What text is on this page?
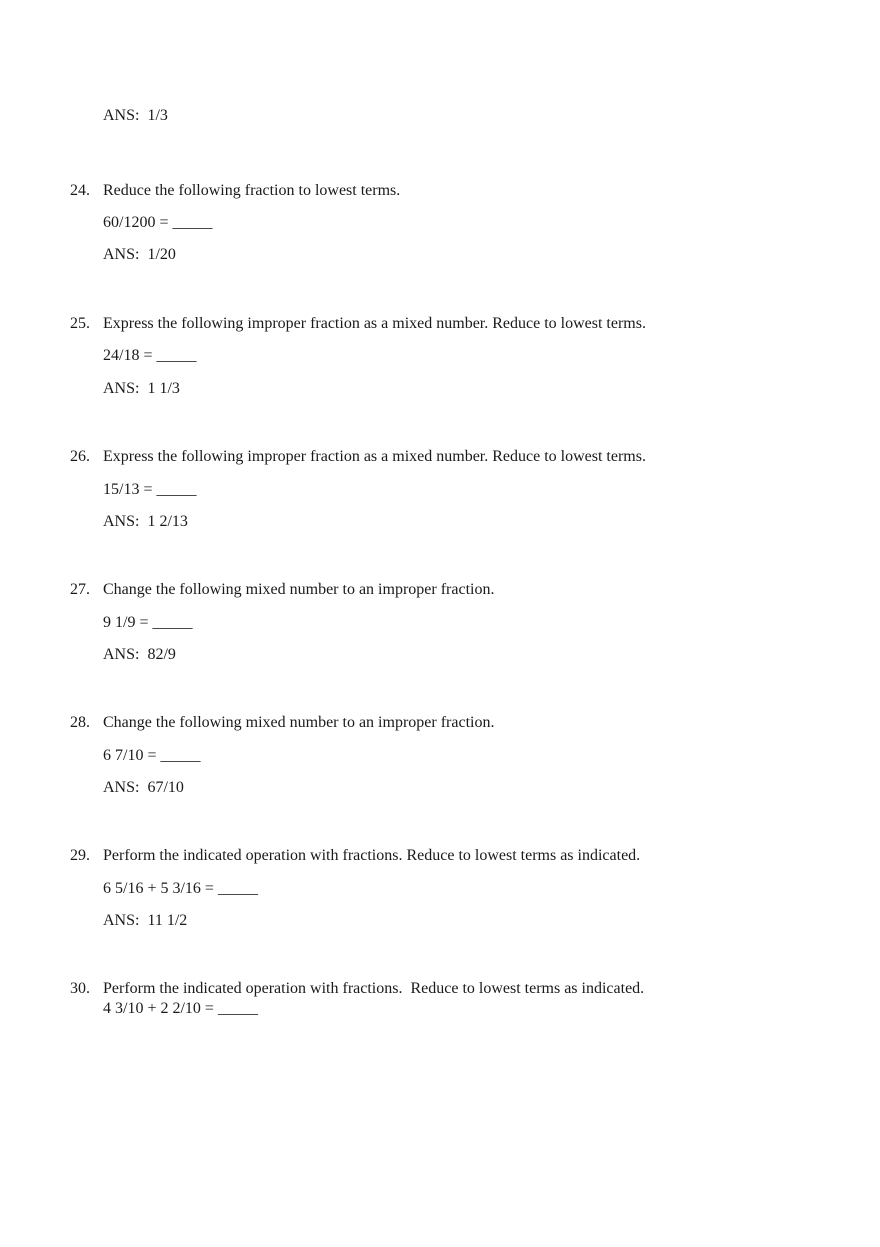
ANS:  1/3
24. Reduce the following fraction to lowest terms.
60/1200 = _____
ANS:  1/20
25. Express the following improper fraction as a mixed number. Reduce to lowest terms.
24/18 = _____
ANS:  1 1/3
26. Express the following improper fraction as a mixed number. Reduce to lowest terms.
15/13 = _____
ANS:  1 2/13
27. Change the following mixed number to an improper fraction.
9 1/9 = _____
ANS:  82/9
28. Change the following mixed number to an improper fraction.
6 7/10 = _____
ANS:  67/10
29. Perform the indicated operation with fractions. Reduce to lowest terms as indicated.
6 5/16 + 5 3/16 = _____
ANS:  11 1/2
30. Perform the indicated operation with fractions.  Reduce to lowest terms as indicated.
4 3/10 + 2 2/10 = _____
